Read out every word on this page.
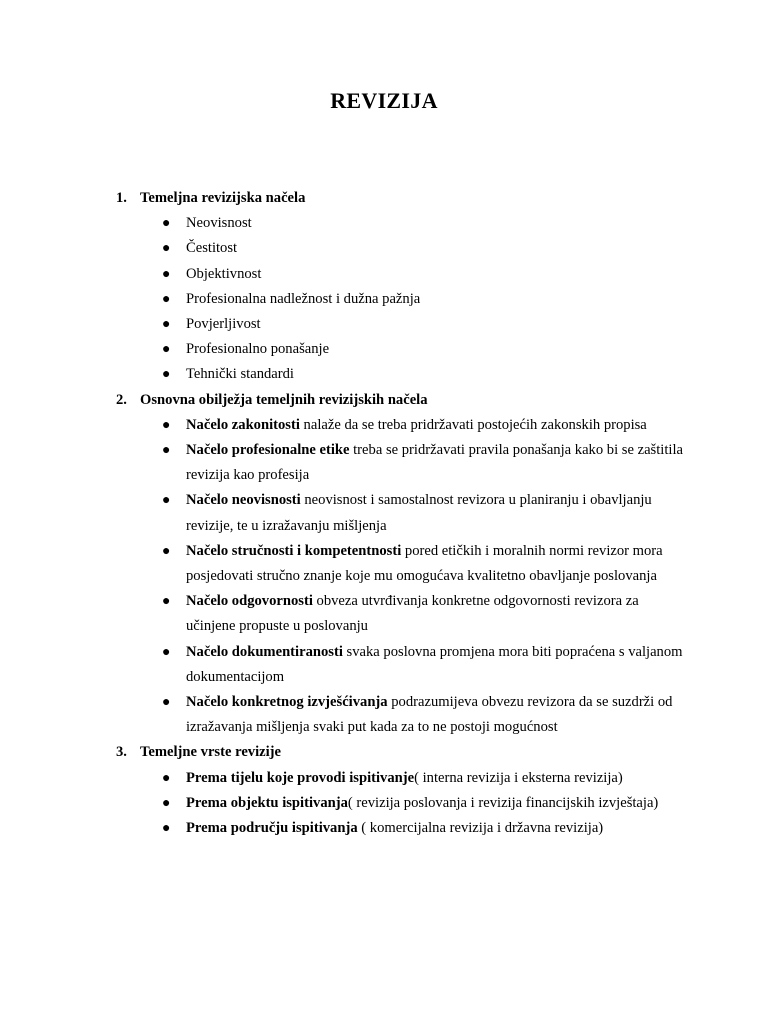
REVIZIJA
1. Temeljna revizijska načela
● Neovisnost
● Čestitost
● Objektivnost
● Profesionalna nadležnost i dužna pažnja
● Povjerljivost
● Profesionalno ponašanje
● Tehnički standardi
2. Osnovna obilježja temeljnih revizijskih načela
● Načelo zakonitosti nalaže da se treba pridržavati postojećih zakonskih propisa
● Načelo profesionalne etike treba se pridržavati pravila ponašanja kako bi se zaštitila revizija kao profesija
● Načelo neovisnosti neovisnost i samostalnost revizora u planiranju i obavljanju revizije, te u izražavanju mišljenja
● Načelo stručnosti i kompetentnosti pored etičkih i moralnih normi revizor mora posjedovati stručno znanje koje mu omogućava kvalitetno obavljanje poslovanja
● Načelo odgovornosti obveza utvrđivanja konkretne odgovornosti revizora za učinjene propuste u poslovanju
● Načelo dokumentiranosti svaka poslovna promjena mora biti popraćena s valjanom dokumentacijom
● Načelo konkretnog izvješćivanja podrazumijeva obvezu revizora da se suzdrži od izražavanja mišljenja svaki put kada za to ne postoji mogućnost
3. Temeljne vrste revizije
● Prema tijelu koje provodi ispitivanje( interna revizija i eksterna revizija)
● Prema objektu ispitivanja( revizija poslovanja i revizija financijskih izvještaja)
● Prema području ispitivanja ( komercijalna revizija i državna revizija)
